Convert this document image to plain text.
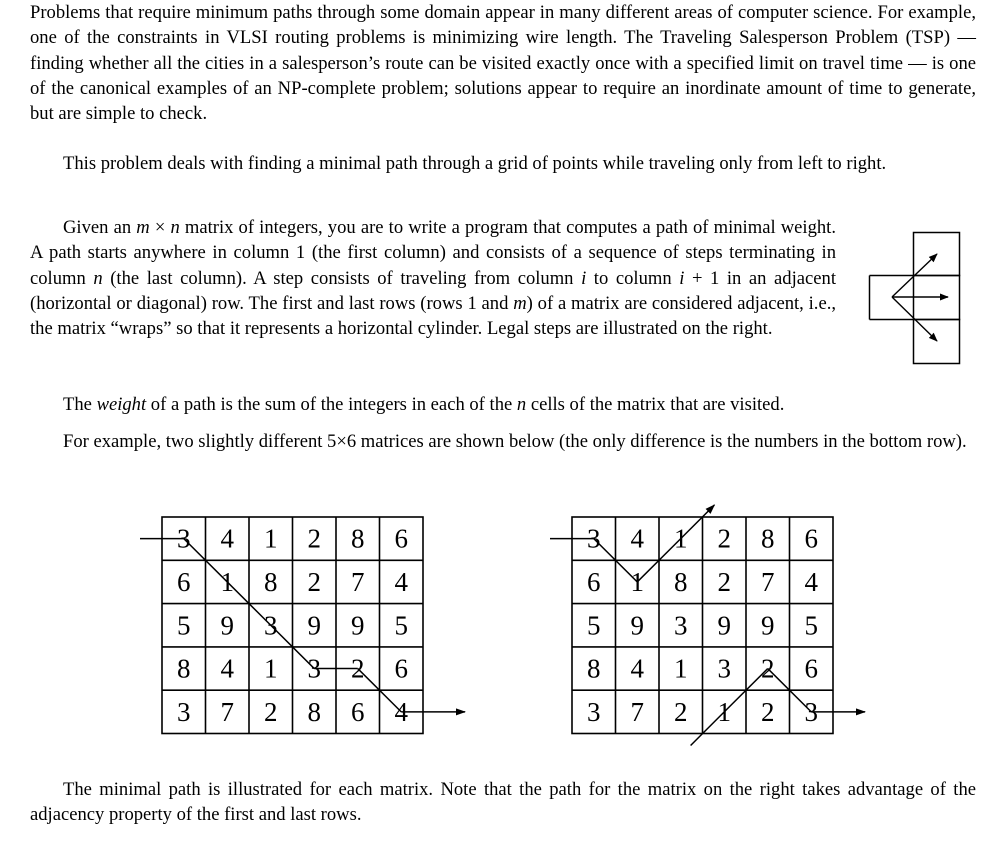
Problems that require minimum paths through some domain appear in many different areas of computer science. For example, one of the constraints in VLSI routing problems is minimizing wire length. The Traveling Salesperson Problem (TSP) — finding whether all the cities in a salesperson’s route can be visited exactly once with a specified limit on travel time — is one of the canonical examples of an NP-complete problem; solutions appear to require an inordinate amount of time to generate, but are simple to check.

This problem deals with finding a minimal path through a grid of points while traveling only from left to right.

Given an m × n matrix of integers, you are to write a program that computes a path of minimal weight. A path starts anywhere in column 1 (the first column) and consists of a sequence of steps terminating in column n (the last column). A step consists of traveling from column i to column i + 1 in an adjacent (horizontal or diagonal) row. The first and last rows (rows 1 and m) of a matrix are considered adjacent, i.e., the matrix “wraps” so that it represents a horizontal cylinder. Legal steps are illustrated on the right.

The weight of a path is the sum of the integers in each of the n cells of the matrix that are visited.

For example, two slightly different 5×6 matrices are shown below (the only difference is the numbers in the bottom row).

The minimal path is illustrated for each matrix. Note that the path for the matrix on the right takes advantage of the adjacency property of the first and last rows.

3 4 1 2 8 6
6 1 8 2 7 4
5 9 3 9 9 5
8 4 1 3 2 6
3 7 2 8 6 4
3 4 1 2 8 6
6 1 8 2 7 4
5 9 3 9 9 5
8 4 1 3 2 6
3 7 2 1 2 3
